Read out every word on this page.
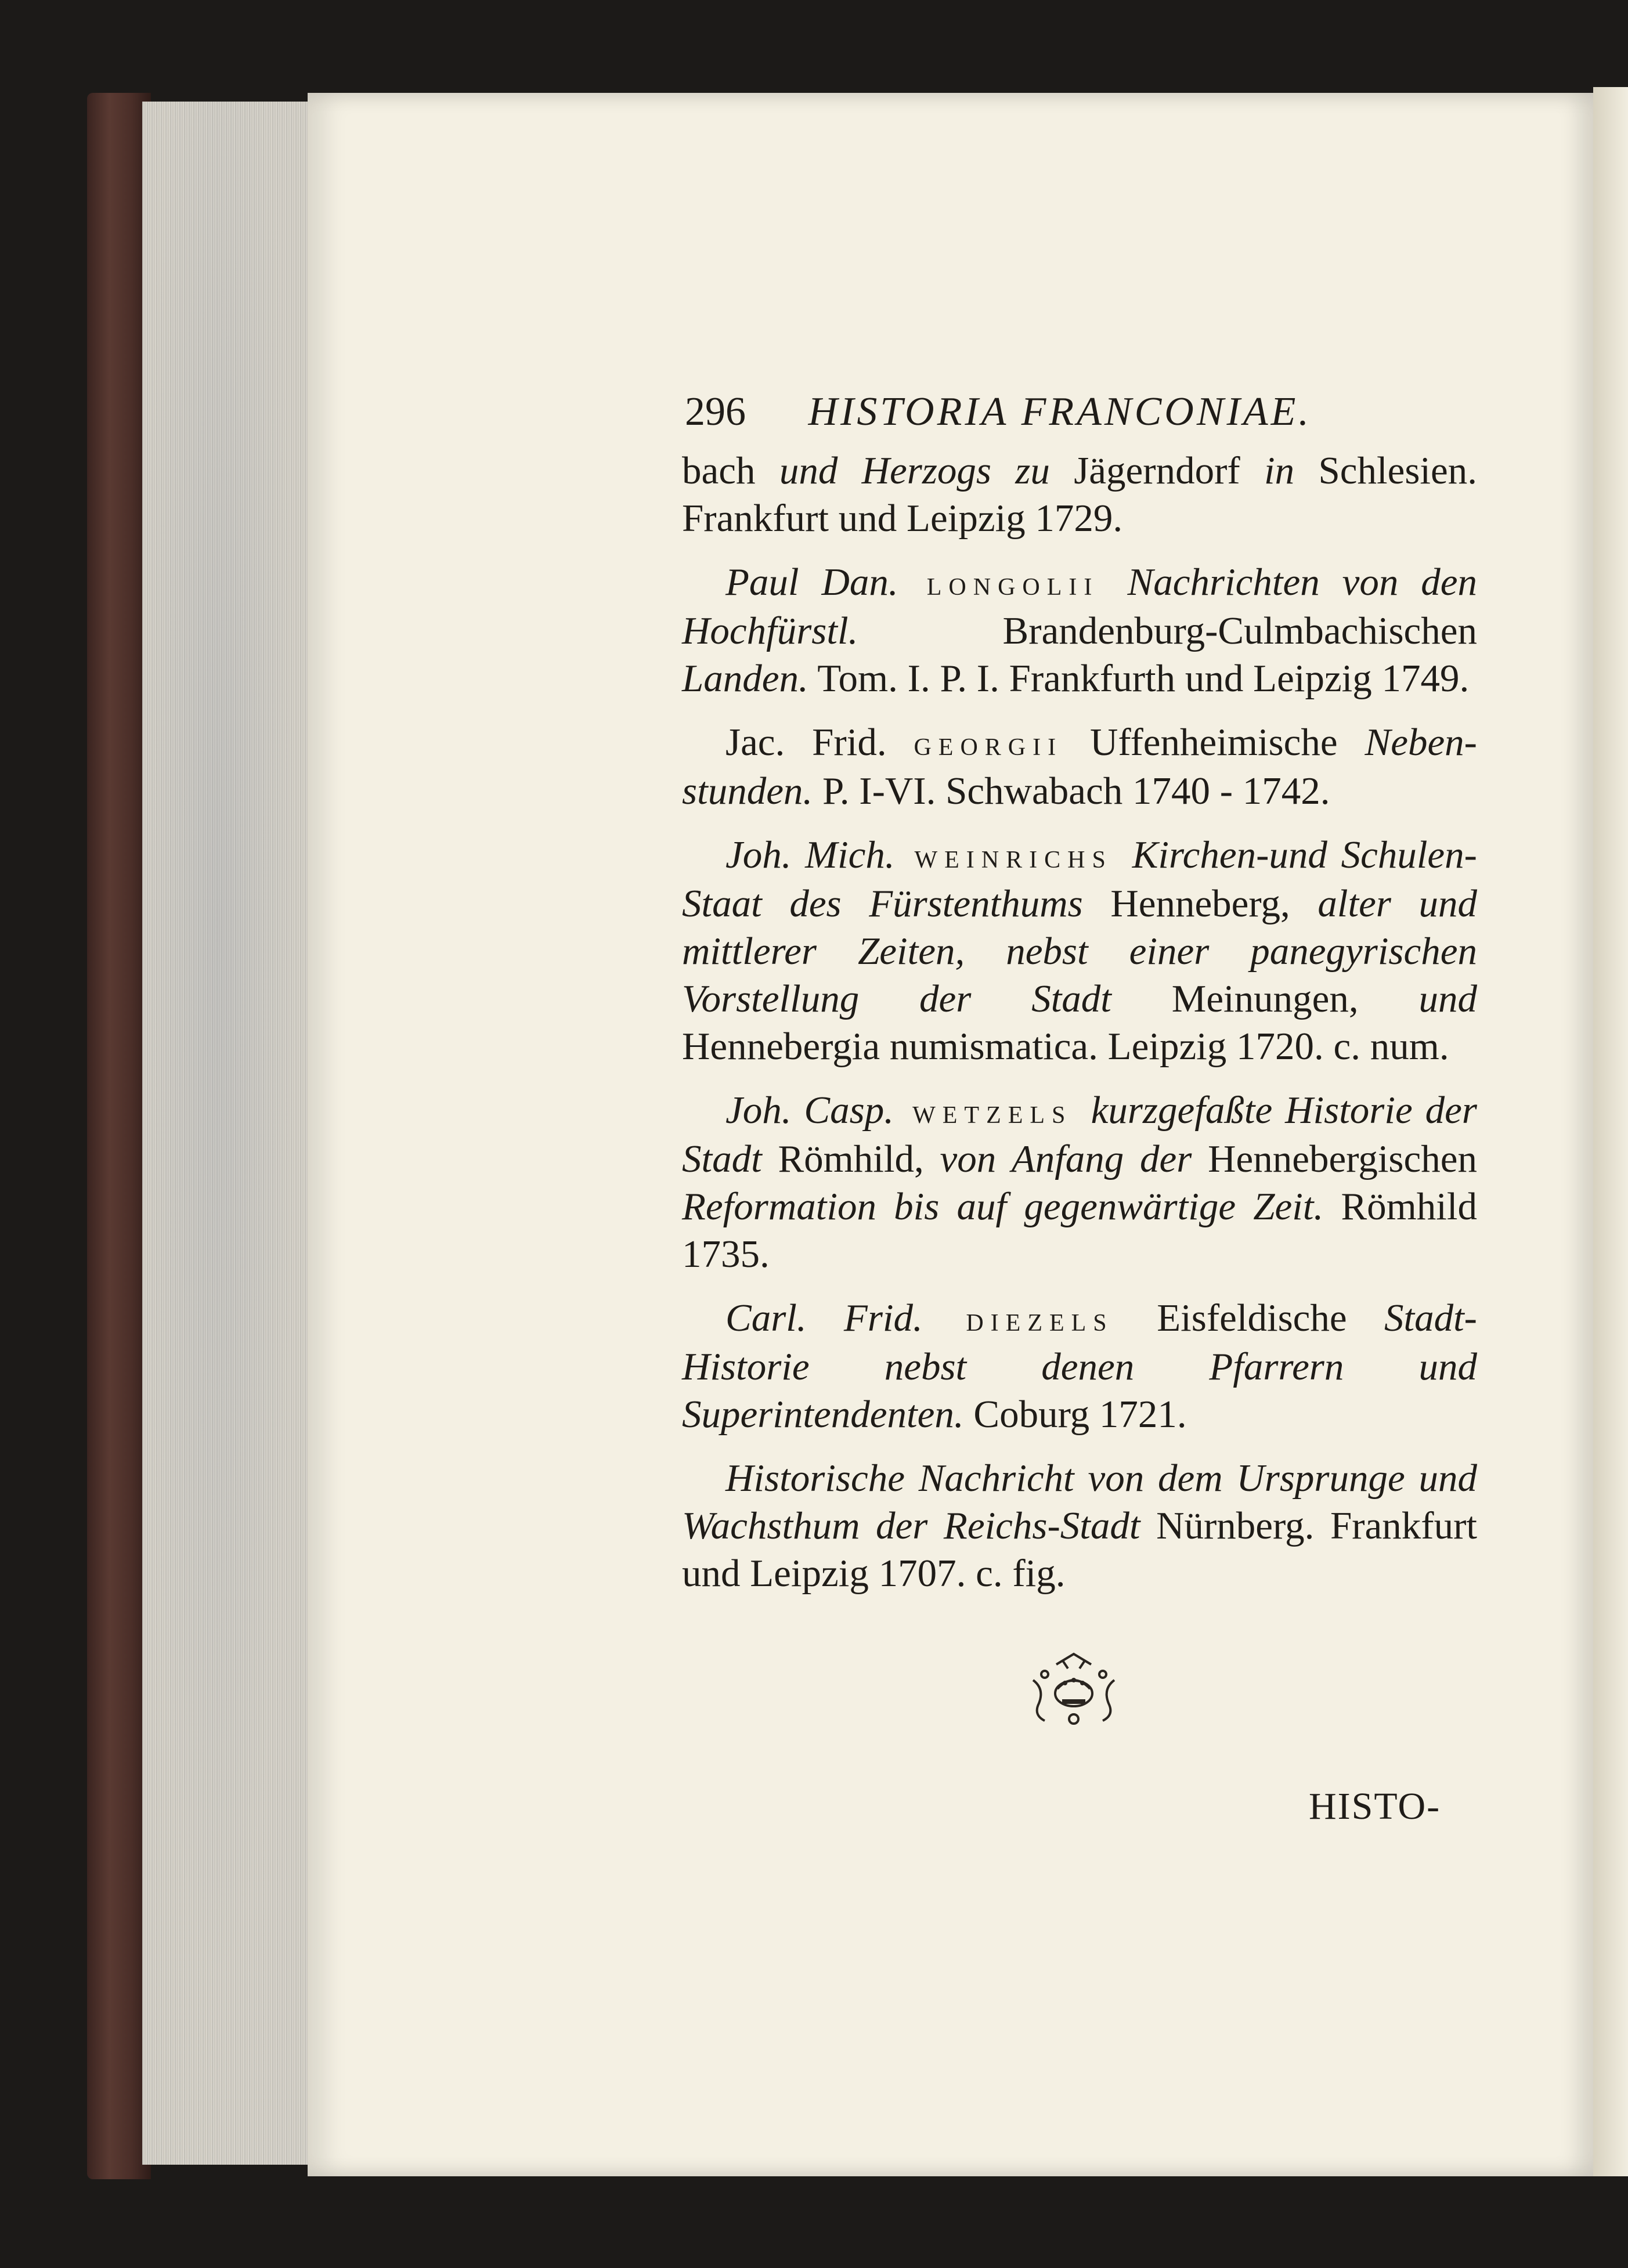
296 HISTORIA FRANCONIAE.

bach und Herzogs zu Jägerndorf in Schlesien. Frankfurt und Leipzig 1729.

Paul Dan. longolii Nachrichten von den Hochfürstl. Brandenburg-Culmbachischen Landen. Tom. I. P. I. Frankfurth und Leipzig 1749.

Jac. Frid. georgii Uffenheimische Neben-stunden. P. I-VI. Schwabach 1740 - 1742.

Joh. Mich. weinrichs Kirchen-und Schulen-Staat des Fürstenthums Henneberg, alter und mittlerer Zeiten, nebst einer panegyrischen Vorstellung der Stadt Meinungen, und Hennebergia numismatica. Leipzig 1720. c. num.

Joh. Casp. wetzels kurzgefaßte Historie der Stadt Römhild, von Anfang der Hennebergischen Reformation bis auf gegenwärtige Zeit. Römhild 1735.

Carl. Frid. diezels Eisfeldische Stadt-Historie nebst denen Pfarrern und Superintendenten. Coburg 1721.

Historische Nachricht von dem Ursprunge und Wachsthum der Reichs-Stadt Nürnberg. Frankfurt und Leipzig 1707. c. fig.

HISTO-
